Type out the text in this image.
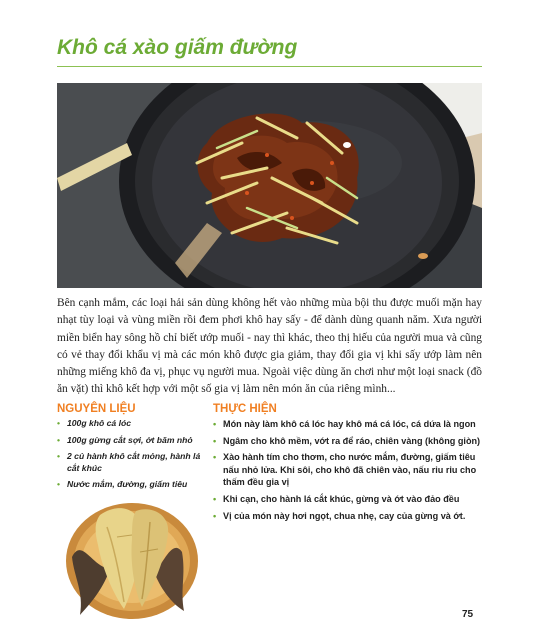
Khô cá xào giấm đường

Bên cạnh mắm, các loại hải sản dùng không hết vào những mùa bội thu được muối mặn hay nhạt tùy loại và vùng miền rồi đem phơi khô hay sấy - để dành dùng quanh năm. Xưa người miền biển hay sông hồ chỉ biết ướp muối - nay thì khác, theo thị hiếu của người mua và cũng có vẻ thay đổi khẩu vị mà các món khô được gia giảm, thay đổi gia vị khi sấy ướp làm nên những miếng khô đa vị, phục vụ người mua. Ngoài việc dùng ăn chơi như một loại snack (đồ ăn vặt) thì khô kết hợp với một số gia vị làm nên món ăn của riêng mình...

NGUYÊN LIỆU
• 100g khô cá lóc
• 100g gừng cắt sợi, ớt băm nhỏ
• 2 củ hành khô cắt mỏng, hành lá cắt khúc
• Nước mắm, đường, giấm tiêu
THỰC HIỆN
• Món này làm khô cá lóc hay khô má cá lóc, cá dứa là ngon
• Ngâm cho khô mềm, vớt ra để ráo, chiên vàng (không giòn)
• Xào hành tím cho thơm, cho nước mắm, đường, giấm tiêu nấu nhỏ lửa. Khi sôi, cho khô đã chiên vào, nấu riu riu cho thấm đều gia vị
• Khi cạn, cho hành lá cắt khúc, gừng và ớt vào đảo đều
• Vị của món này hơi ngọt, chua nhẹ, cay của gừng và ớt.

75
